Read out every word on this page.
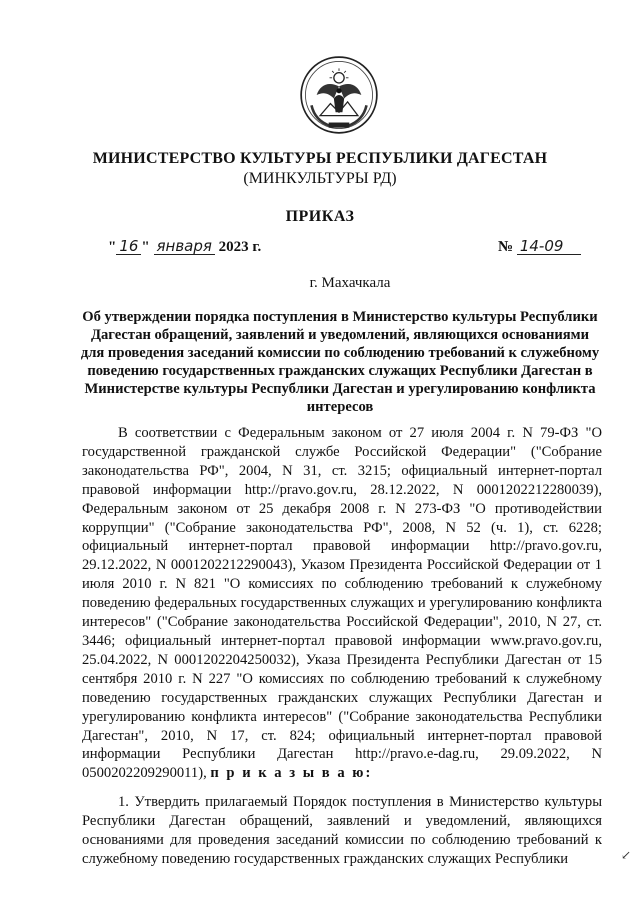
МИНИСТЕРСТВО КУЛЬТУРЫ РЕСПУБЛИКИ ДАГЕСТАН
(МИНКУЛЬТУРЫ РД)
ПРИКАЗ
" 16 " января 2023 г.	№ 14-09
г. Махачкала
Об утверждении порядка поступления в Министерство культуры Республики Дагестан обращений, заявлений и уведомлений, являющихся основаниями для проведения заседаний комиссии по соблюдению требований к служебному поведению государственных гражданских служащих Республики Дагестан в Министерстве культуры Республики Дагестан и урегулированию конфликта интересов

В соответствии с Федеральным законом от 27 июля 2004 г. N 79-ФЗ "О государственной гражданской службе Российской Федерации" ("Собрание законодательства РФ", 2004, N 31, ст. 3215; официальный интернет-портал правовой информации http://pravo.gov.ru, 28.12.2022, N 0001202212280039), Федеральным законом от 25 декабря 2008 г. N 273-ФЗ "О противодействии коррупции" ("Собрание законодательства РФ", 2008, N 52 (ч. 1), ст. 6228; официальный интернет-портал правовой информации http://pravo.gov.ru, 29.12.2022, N 0001202212290043), Указом Президента Российской Федерации от 1 июля 2010 г. N 821 "О комиссиях по соблюдению требований к служебному поведению федеральных государственных служащих и урегулированию конфликта интересов" ("Собрание законодательства Российской Федерации", 2010, N 27, ст. 3446; официальный интернет-портал правовой информации www.pravo.gov.ru, 25.04.2022, N 0001202204250032), Указа Президента Республики Дагестан от 15 сентября 2010 г. N 227 "О комиссиях по соблюдению требований к служебному поведению государственных гражданских служащих Республики Дагестан и урегулированию конфликта интересов" ("Собрание законодательства Республики Дагестан", 2010, N 17, ст. 824; официальный интернет-портал правовой информации Республики Дагестан http://pravo.e-dag.ru, 29.09.2022, N 0500202209290011), п р и к а з ы в а ю:

1. Утвердить прилагаемый Порядок поступления в Министерство культуры Республики Дагестан обращений, заявлений и уведомлений, являющихся основаниями для проведения заседаний комиссии по соблюдению требований к служебному поведению государственных гражданских служащих Республики	↙
